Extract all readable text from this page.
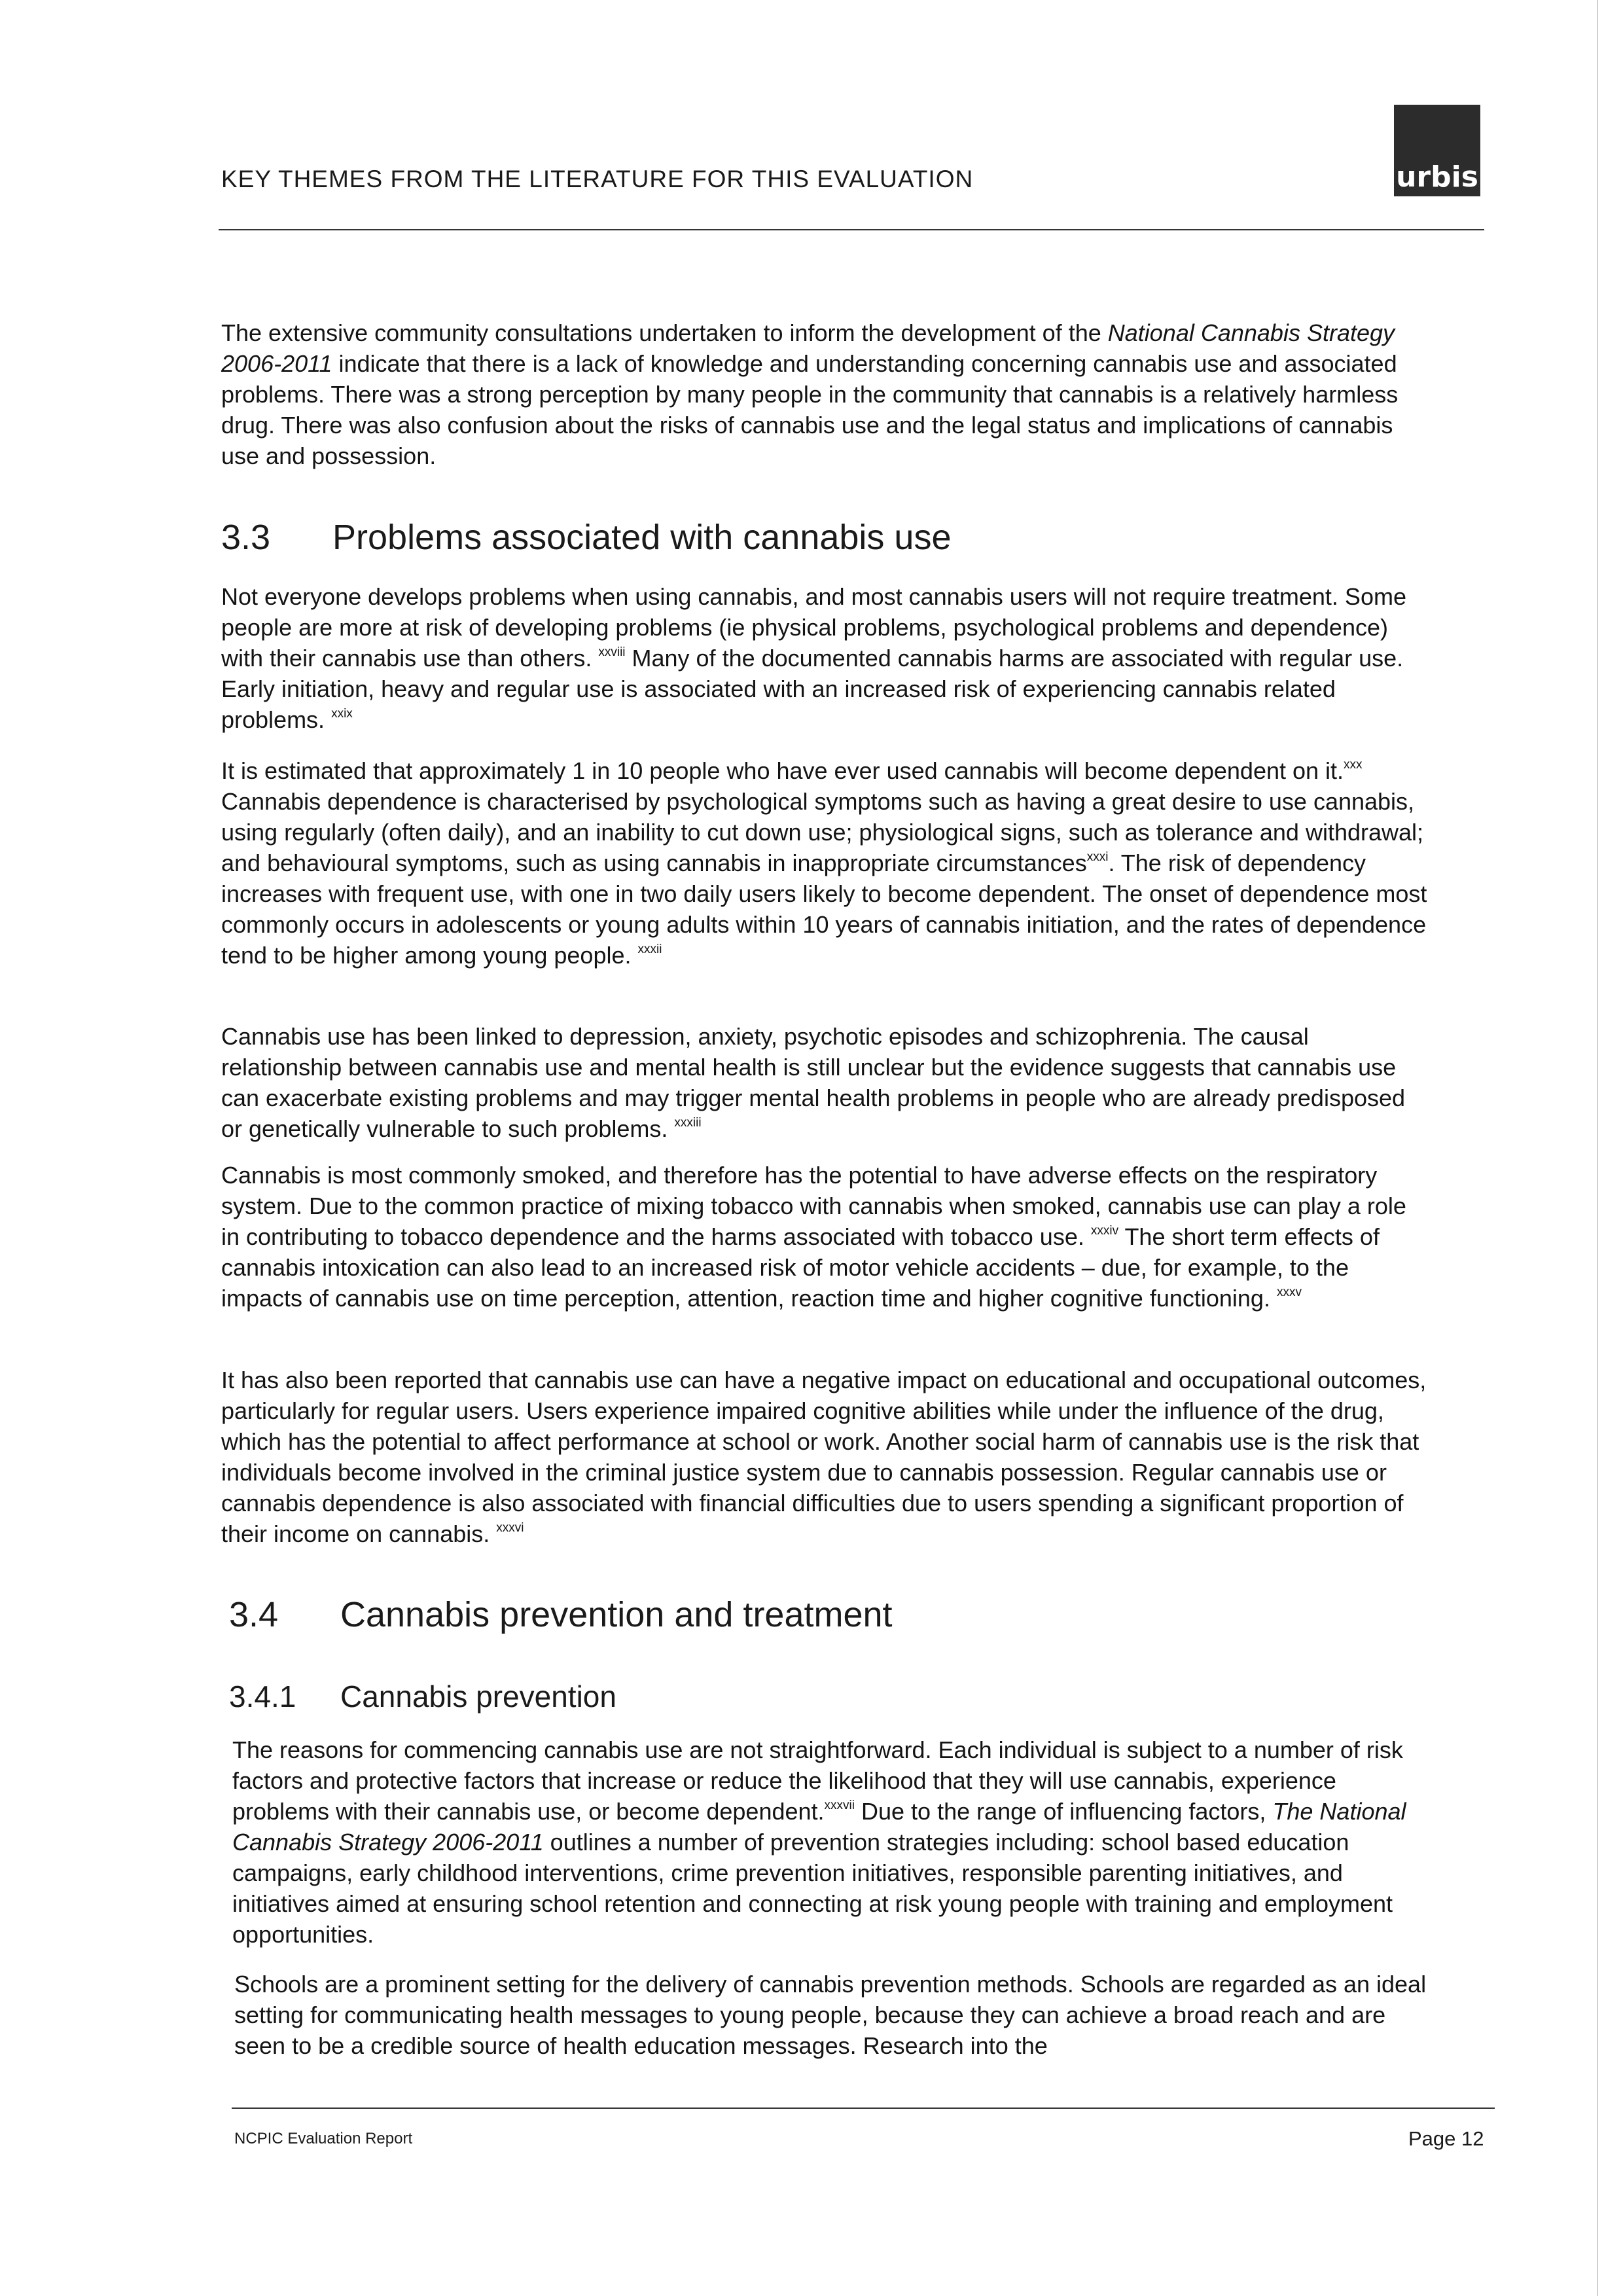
KEY THEMES FROM THE LITERATURE FOR THIS EVALUATION	urbis

The extensive community consultations undertaken to inform the development of the National Cannabis Strategy 2006-2011 indicate that there is a lack of knowledge and understanding concerning cannabis use and associated problems. There was a strong perception by many people in the community that cannabis is a relatively harmless drug. There was also confusion about the risks of cannabis use and the legal status and implications of cannabis use and possession.

3.3 Problems associated with cannabis use

Not everyone develops problems when using cannabis, and most cannabis users will not require treatment. Some people are more at risk of developing problems (ie physical problems, psychological problems and dependence) with their cannabis use than others. $^{xxviii}$ Many of the documented cannabis harms are associated with regular use. Early initiation, heavy and regular use is associated with an increased risk of experiencing cannabis related problems. $^{xxix}$

It is estimated that approximately 1 in 10 people who have ever used cannabis will become dependent on it.$^{xxx}$ Cannabis dependence is characterised by psychological symptoms such as having a great desire to use cannabis, using regularly (often daily), and an inability to cut down use; physiological signs, such as tolerance and withdrawal; and behavioural symptoms, such as using cannabis in inappropriate circumstances$^{xxxi}$. The risk of dependency increases with frequent use, with one in two daily users likely to become dependent. The onset of dependence most commonly occurs in adolescents or young adults within 10 years of cannabis initiation, and the rates of dependence tend to be higher among young people. $^{xxxii}$

Cannabis use has been linked to depression, anxiety, psychotic episodes and schizophrenia. The causal relationship between cannabis use and mental health is still unclear but the evidence suggests that cannabis use can exacerbate existing problems and may trigger mental health problems in people who are already predisposed or genetically vulnerable to such problems. $^{xxxiii}$

Cannabis is most commonly smoked, and therefore has the potential to have adverse effects on the respiratory system. Due to the common practice of mixing tobacco with cannabis when smoked, cannabis use can play a role in contributing to tobacco dependence and the harms associated with tobacco use. $^{xxxiv}$ The short term effects of cannabis intoxication can also lead to an increased risk of motor vehicle accidents – due, for example, to the impacts of cannabis use on time perception, attention, reaction time and higher cognitive functioning. $^{xxxv}$

It has also been reported that cannabis use can have a negative impact on educational and occupational outcomes, particularly for regular users. Users experience impaired cognitive abilities while under the influence of the drug, which has the potential to affect performance at school or work. Another social harm of cannabis use is the risk that individuals become involved in the criminal justice system due to cannabis possession. Regular cannabis use or cannabis dependence is also associated with financial difficulties due to users spending a significant proportion of their income on cannabis. $^{xxxvi}$

3.4 Cannabis prevention and treatment
3.4.1 Cannabis prevention

The reasons for commencing cannabis use are not straightforward. Each individual is subject to a number of risk factors and protective factors that increase or reduce the likelihood that they will use cannabis, experience problems with their cannabis use, or become dependent.$^{xxxvii}$ Due to the range of influencing factors, The National Cannabis Strategy 2006-2011 outlines a number of prevention strategies including: school based education campaigns, early childhood interventions, crime prevention initiatives, responsible parenting initiatives, and initiatives aimed at ensuring school retention and connecting at risk young people with training and employment opportunities.

Schools are a prominent setting for the delivery of cannabis prevention methods. Schools are regarded as an ideal setting for communicating health messages to young people, because they can achieve a broad reach and are seen to be a credible source of health education messages. Research into the

NCPIC Evaluation Report	Page 12
